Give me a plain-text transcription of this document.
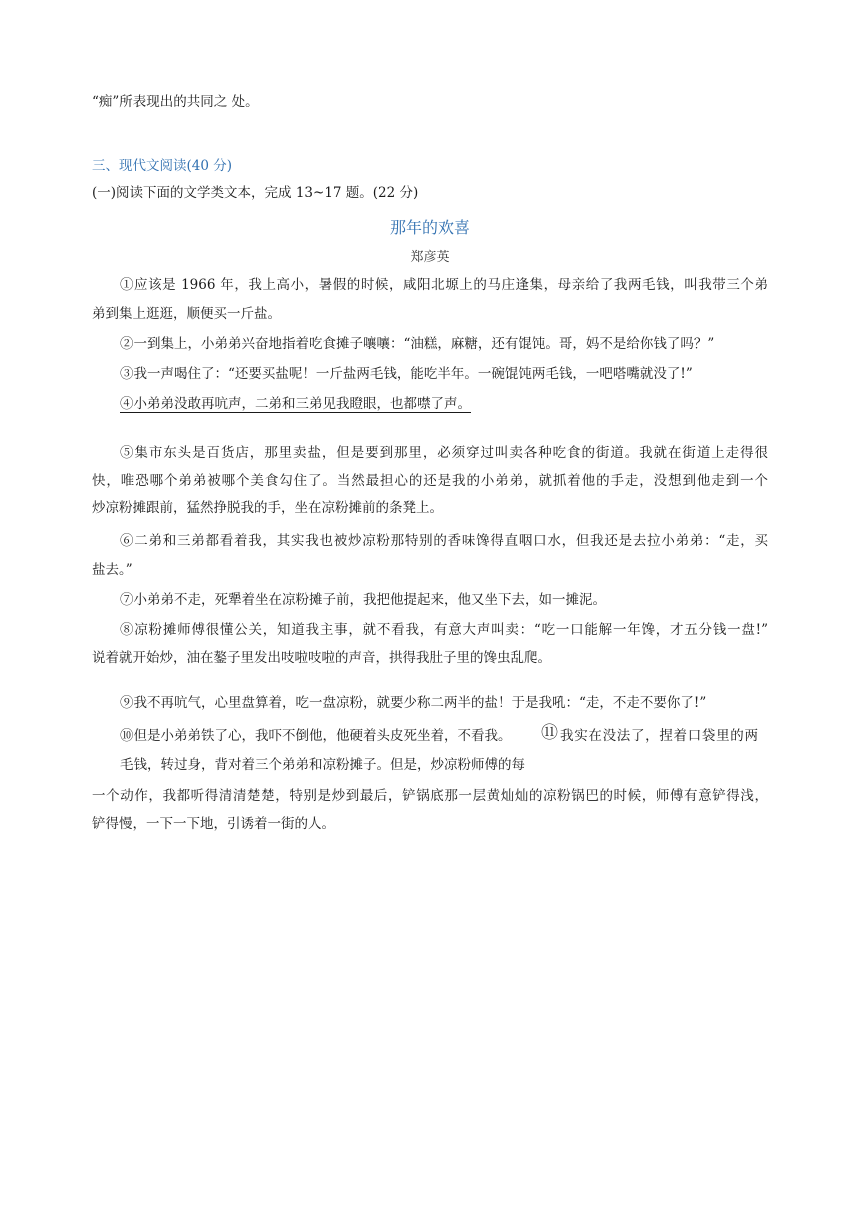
“痴”所表现出的共同之 处。
三、现代文阅读(40 分)
(一)阅读下面的文学类文本，完成 13~17 题。(22 分)
那年的欢喜
郑彦英
①应该是 1966 年，我上高小，暑假的时候，咸阳北塬上的马庄逢集，母亲给了我两毛钱，叫我带三个弟
弟到集上逛逛，顺便买一斤盐。
②一到集上，小弟弟兴奋地指着吃食摊子嚷嚷：“油糕，麻糖，还有馄饨。哥，妈不是给你钱了吗？”
③我一声喝住了：“还要买盐呢！一斤盐两毛钱，能吃半年。一碗馄饨两毛钱，一吧嗒嘴就没了!”
④小弟弟没敢再吭声，二弟和三弟见我瞪眼，也都噤了声。
⑤集市东头是百货店，那里卖盐，但是要到那里，必须穿过叫卖各种吃食的街道。我就在街道上走得很
快，唯恐哪个弟弟被哪个美食勾住了。当然最担心的还是我的小弟弟，就抓着他的手走，没想到他走到一个
炒凉粉摊跟前，猛然挣脱我的手，坐在凉粉摊前的条凳上。
⑥二弟和三弟都看着我，其实我也被炒凉粉那特别的香味馋得直咽口水，但我还是去拉小弟弟：“走，买
盐去。”
⑦小弟弟不走，死犟着坐在凉粉摊子前，我把他提起来，他又坐下去，如一摊泥。
⑧凉粉摊师傅很懂公关，知道我主事，就不看我，有意大声叫卖：“吃一口能解一年馋，才五分钱一盘!”
说着就开始炒，油在鏊子里发出吱啦吱啦的声音，拱得我肚子里的馋虫乱爬。
⑨我不再吭气，心里盘算着，吃一盘凉粉，就要少称二两半的盐！于是我吼：“走，不走不要你了!”
⑩但是小弟弟铁了心，我吓不倒他，他硬着头皮死坐着，不看我。 ⑪ 我实在没法了，捏着口袋里的两
毛钱，转过身，背对着三个弟弟和凉粉摊子。但是，炒凉粉师傅的每
一个动作，我都听得清清楚楚，特别是炒到最后，铲锅底那一层黄灿灿的凉粉锅巴的时候，师傅有意铲得浅，
铲得慢，一下一下地，引诱着一街的人。
